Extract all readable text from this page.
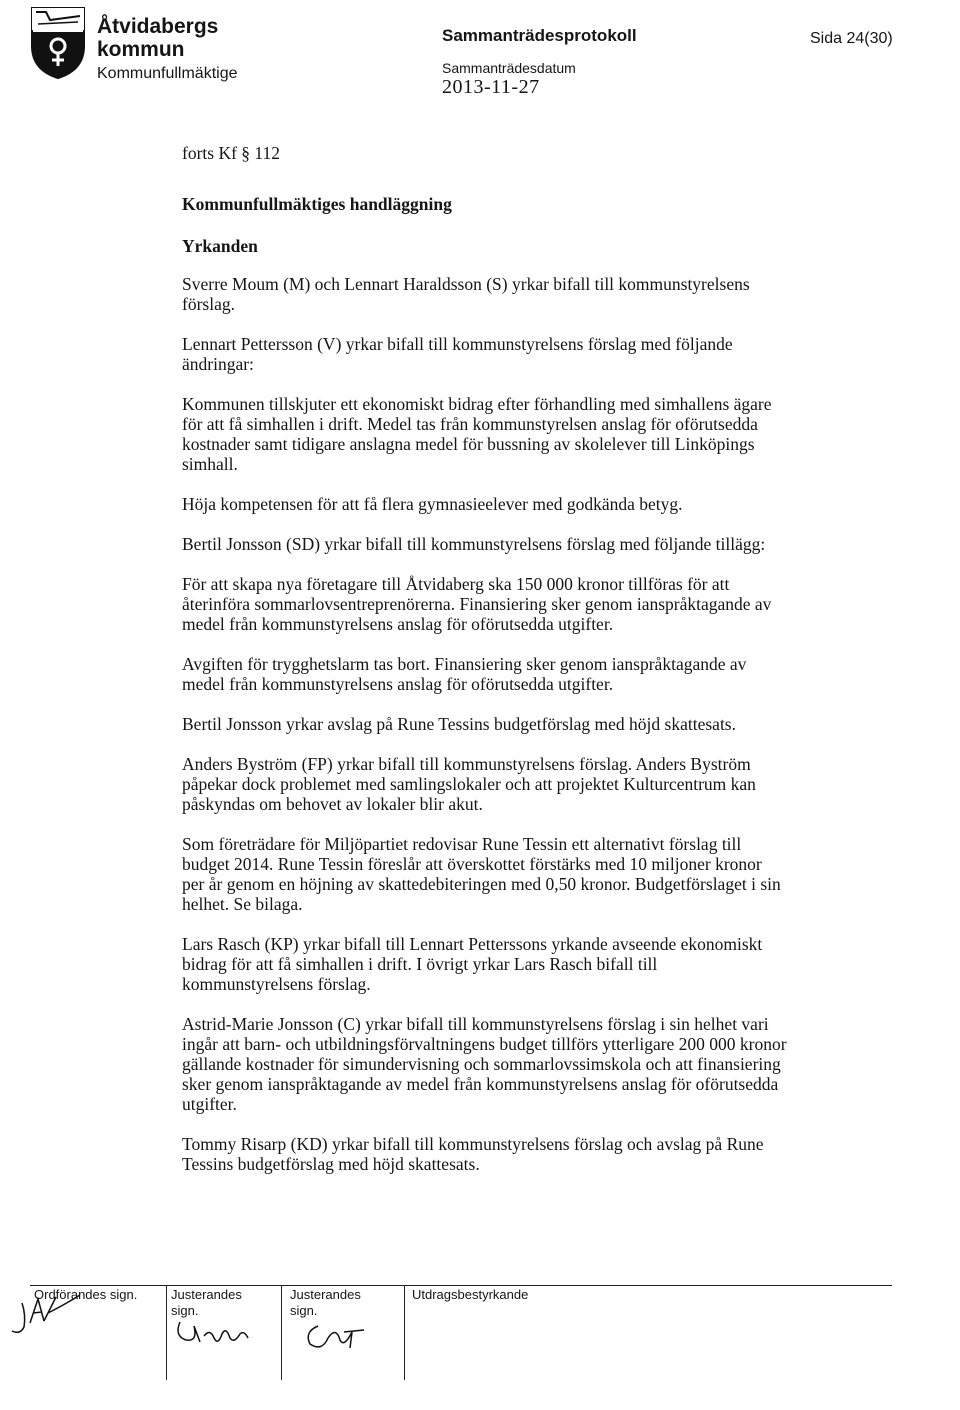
Åtvidabergs
kommun
Kommunfullmäktige
Sammanträdesprotokoll
Sammanträdesdatum
2013-11-27
Sida 24(30)

forts Kf § 112

Kommunfullmäktiges handläggning

Yrkanden

Sverre Moum (M) och Lennart Haraldsson (S) yrkar bifall till kommunstyrelsens förslag.

Lennart Pettersson (V) yrkar bifall till kommunstyrelsens förslag med följande ändringar:

Kommunen tillskjuter ett ekonomiskt bidrag efter förhandling med simhallens ägare för att få simhallen i drift. Medel tas från kommunstyrelsen anslag för oförutsedda kostnader samt tidigare anslagna medel för bussning av skolelever till Linköpings simhall.

Höja kompetensen för att få flera gymnasieelever med godkända betyg.

Bertil Jonsson (SD) yrkar bifall till kommunstyrelsens förslag med följande tillägg:

För att skapa nya företagare till Åtvidaberg ska 150 000 kronor tillföras för att återinföra sommarlovsentreprenörerna. Finansiering sker genom ianspråktagande av medel från kommunstyrelsens anslag för oförutsedda utgifter.

Avgiften för trygghetslarm tas bort. Finansiering sker genom ianspråktagande av medel från kommunstyrelsens anslag för oförutsedda utgifter.

Bertil Jonsson yrkar avslag på Rune Tessins budgetförslag med höjd skattesats.

Anders Byström (FP) yrkar bifall till kommunstyrelsens förslag. Anders Byström påpekar dock problemet med samlingslokaler och att projektet Kulturcentrum kan påskyndas om behovet av lokaler blir akut.

Som företrädare för Miljöpartiet redovisar Rune Tessin ett alternativt förslag till budget 2014. Rune Tessin föreslår att överskottet förstärks med 10 miljoner kronor per år genom en höjning av skattedebiteringen med 0,50 kronor. Budgetförslaget i sin helhet. Se bilaga.

Lars Rasch (KP) yrkar bifall till Lennart Petterssons yrkande avseende ekonomiskt bidrag för att få simhallen i drift. I övrigt yrkar Lars Rasch bifall till kommunstyrelsens förslag.

Astrid-Marie Jonsson (C) yrkar bifall till kommunstyrelsens förslag i sin helhet vari ingår att barn- och utbildningsförvaltningens budget tillförs ytterligare 200 000 kronor gällande kostnader för simundervisning och sommarlovssimskola och att finansiering sker genom ianspråktagande av medel från kommunstyrelsens anslag för oförutsedda utgifter.

Tommy Risarp (KD) yrkar bifall till kommunstyrelsens förslag och avslag på Rune Tessins budgetförslag med höjd skattesats.

Ordförandes sign.	Justerandes sign.
Justerandes sign.
Utdragsbestyrkande
